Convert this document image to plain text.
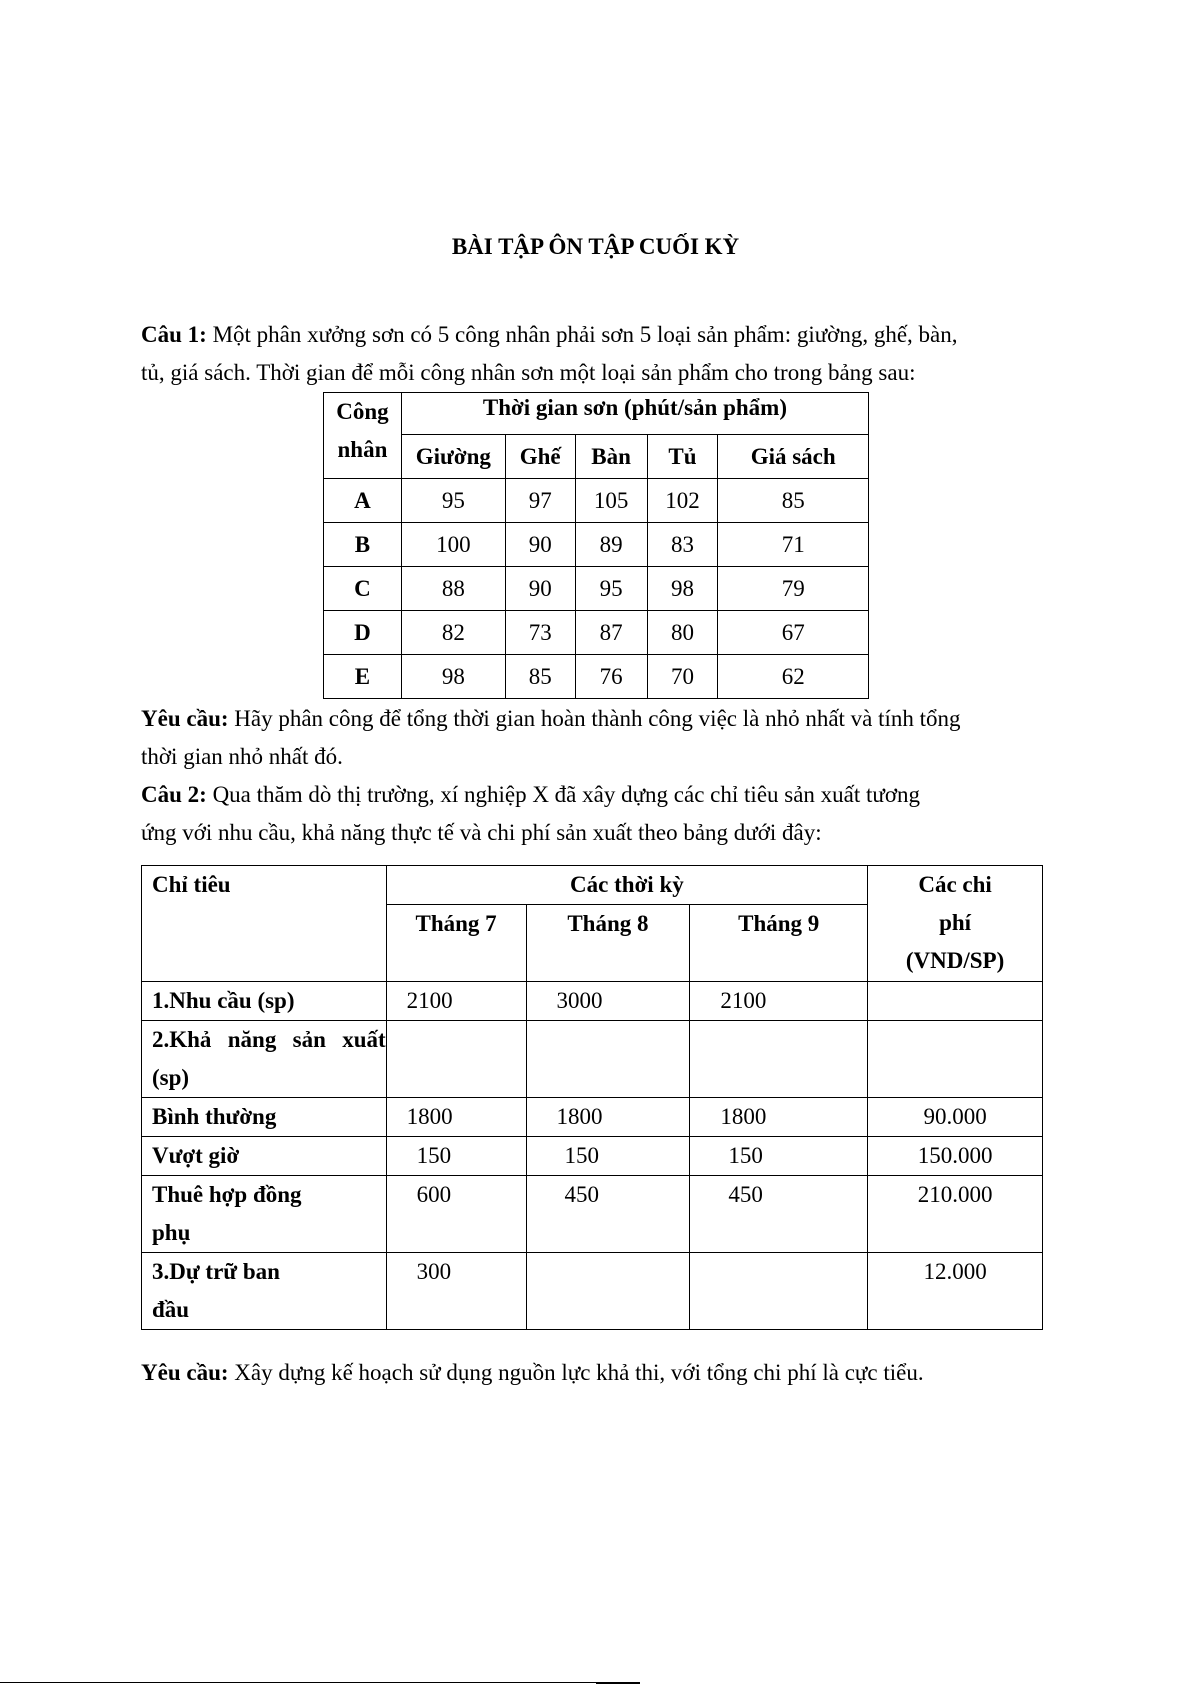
BÀI TẬP ÔN TẬP CUỐI KỲ
Câu 1: Một phân xưởng sơn có 5 công nhân phải sơn 5 loại sản phẩm: giường, ghế, bàn,
tủ, giá sách. Thời gian để mỗi công nhân sơn một loại sản phẩm cho trong bảng sau:
Công
nhân	Thời gian sơn (phút/sản phẩm)				
	Giường	Ghế	Bàn	Tủ	Giá sách
A	95	97	105	102	85
B	100	90	89	83	71
C	88	90	95	98	79
D	82	73	87	80	67
E	98	85	76	70	62
Yêu cầu: Hãy phân công để tổng thời gian hoàn thành công việc là nhỏ nhất và tính tổng
thời gian nhỏ nhất đó.
Câu 2: Qua thăm dò thị trường, xí nghiệp X đã xây dựng các chỉ tiêu sản xuất tương
ứng với nhu cầu, khả năng thực tế và chi phí sản xuất theo bảng dưới đây:
Chỉ tiêu	Các thời kỳ			Các chi
phí
(VND/SP)

	Tháng 7	Tháng 8	Tháng 9	
1.Nhu cầu (sp)	2100	3000	2100	

2.Khả năng sản xuất
(sp)				

Bình thường	1800	1800	1800	90.000
Vượt giờ	150	150	150	150.000

Thuê hợp đồng
phụ	600	450	450	210.000

3.Dự trữ ban
đầu	300			12.000
Yêu cầu: Xây dựng kế hoạch sử dụng nguồn lực khả thi, với tổng chi phí là cực tiểu.
